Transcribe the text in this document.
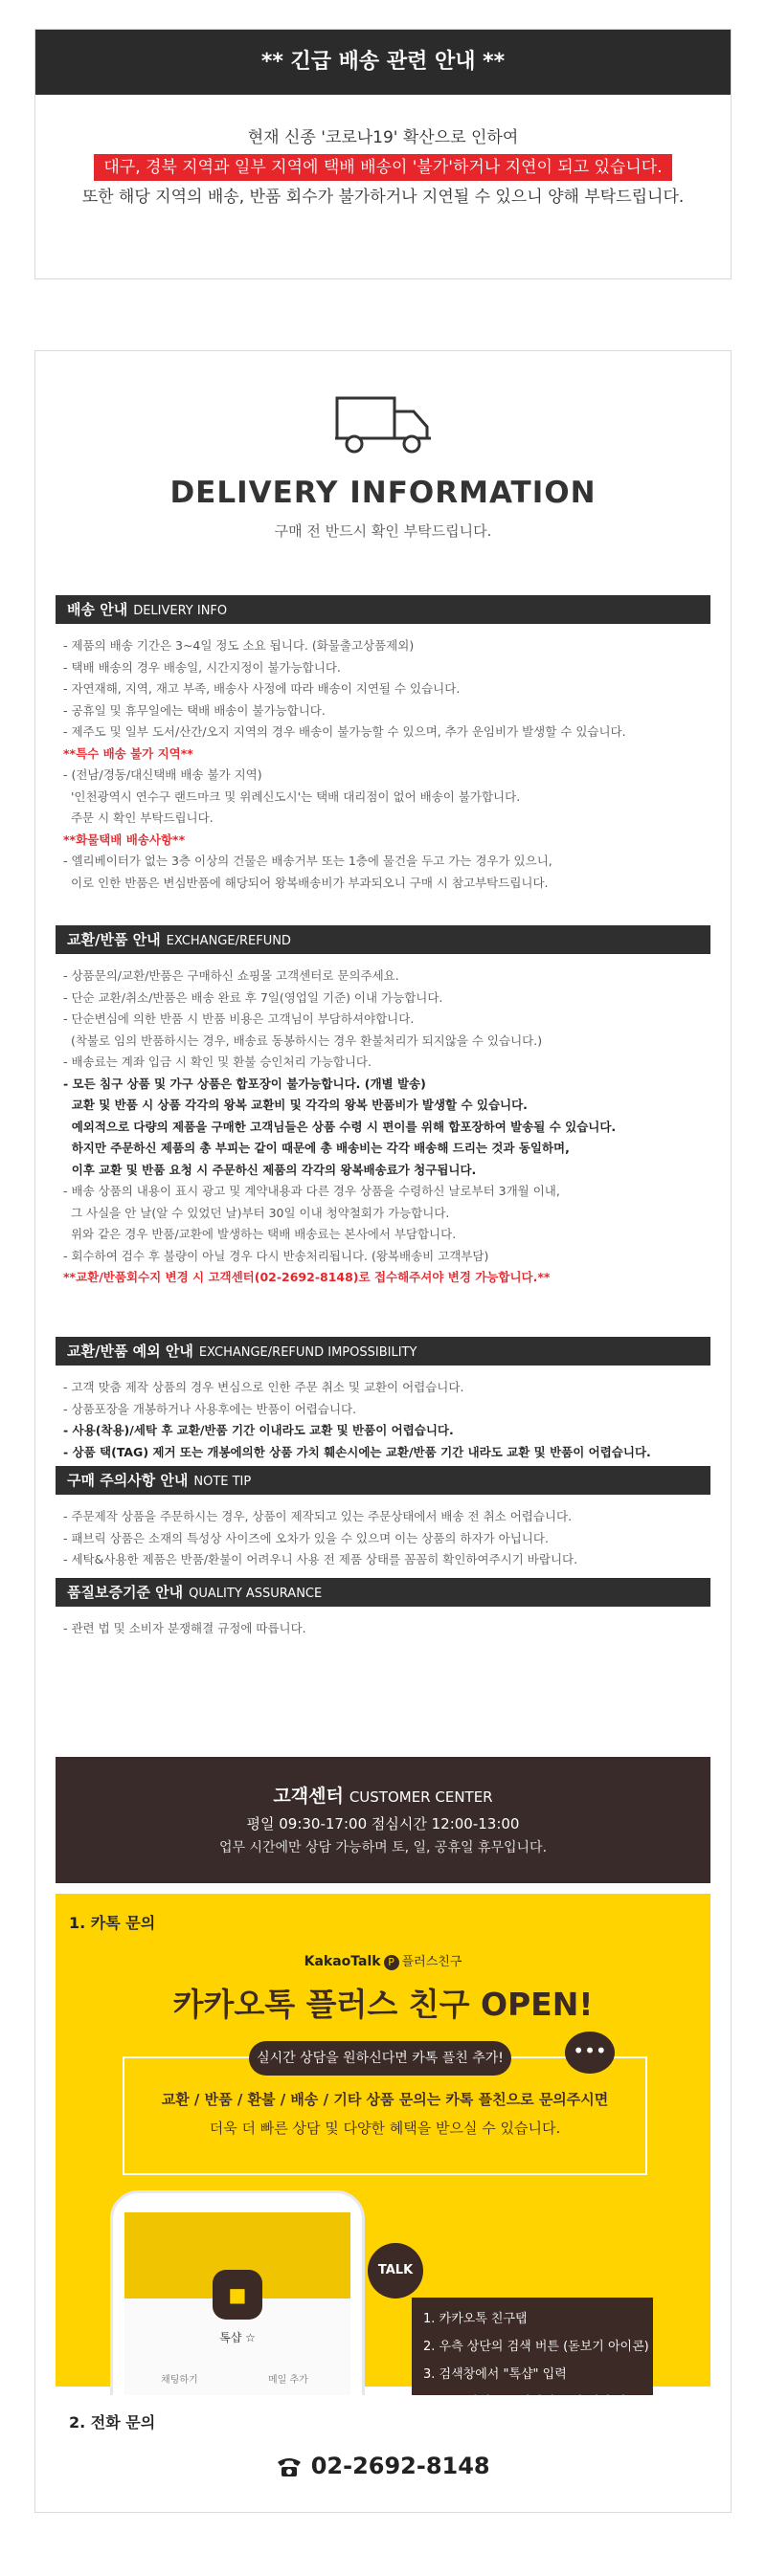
** 긴급 배송 관련 안내 **
현재 신종 '코로나19' 확산으로 인하여
대구, 경북 지역과 일부 지역에 택배 배송이 '불가'하거나 지연이 되고 있습니다.
또한 해당 지역의 배송, 반품 회수가 불가하거나 지연될 수 있으니 양해 부탁드립니다.
DELIVERY INFORMATION
구매 전 반드시 확인 부탁드립니다.
배송 안내 DELIVERY INFO
- 제품의 배송 기간은 3~4일 정도 소요 됩니다. (화물출고상품제외)
- 택배 배송의 경우 배송일, 시간지정이 불가능합니다.
- 자연재해, 지역, 재고 부족, 배송사 사정에 따라 배송이 지연될 수 있습니다.
- 공휴일 및 휴무일에는 택배 배송이 불가능합니다.
- 제주도 및 일부 도서/산간/오지 지역의 경우 배송이 불가능할 수 있으며, 추가 운임비가 발생할 수 있습니다.
**특수 배송 불가 지역**
- (전남/경동/대신택배 배송 불가 지역)
'인천광역시 연수구 랜드마크 및 위례신도시'는 택배 대리점이 없어 배송이 불가합니다.
주문 시 확인 부탁드립니다.
**화물택배 배송사항**
- 엘리베이터가 없는 3층 이상의 건물은 배송거부 또는 1층에 물건을 두고 가는 경우가 있으니,
이로 인한 반품은 변심반품에 해당되어 왕복배송비가 부과되오니 구매 시 참고부탁드립니다.
교환/반품 안내 EXCHANGE/REFUND
- 상품문의/교환/반품은 구매하신 쇼핑몰 고객센터로 문의주세요.
- 단순 교환/취소/반품은 배송 완료 후 7일(영업일 기준) 이내 가능합니다.
- 단순변심에 의한 반품 시 반품 비용은 고객님이 부담하셔야합니다.
(착불로 임의 반품하시는 경우, 배송료 동봉하시는 경우 환불처리가 되지않을 수 있습니다.)
- 배송료는 계좌 입금 시 확인 및 환불 승인처리 가능합니다.
- 모든 침구 상품 및 가구 상품은 합포장이 불가능합니다. (개별 발송)
교환 및 반품 시 상품 각각의 왕복 교환비 및 각각의 왕복 반품비가 발생할 수 있습니다.
예외적으로 다량의 제품을 구매한 고객님들은 상품 수령 시 편이를 위해 합포장하여 발송될 수 있습니다.
하지만 주문하신 제품의 총 부피는 같이 때문에 총 배송비는 각각 배송해 드리는 것과 동일하며,
이후 교환 및 반품 요청 시 주문하신 제품의 각각의 왕복배송료가 청구됩니다.
- 배송 상품의 내용이 표시 광고 및 계약내용과 다른 경우 상품을 수령하신 날로부터 3개월 이내,
그 사실을 안 날(알 수 있었던 날)부터 30일 이내 청약철회가 가능합니다.
위와 같은 경우 반품/교환에 발생하는 택배 배송료는 본사에서 부담합니다.
- 회수하여 검수 후 불량이 아닐 경우 다시 반송처리됩니다. (왕복배송비 고객부담)
**교환/반품회수지 변경 시 고객센터(02-2692-8148)로 접수해주셔야 변경 가능합니다.**
교환/반품 예외 안내 EXCHANGE/REFUND IMPOSSIBILITY
- 고객 맞춤 제작 상품의 경우 변심으로 인한 주문 취소 및 교환이 어렵습니다.
- 상품포장을 개봉하거나 사용후에는 반품이 어렵습니다.
- 사용(착용)/세탁 후 교환/반품 기간 이내라도 교환 및 반품이 어렵습니다.
- 상품 택(TAG) 제거 또는 개봉에의한 상품 가치 훼손시에는 교환/반품 기간 내라도 교환 및 반품이 어렵습니다.
구매 주의사항 안내 NOTE TIP
- 주문제작 상품을 주문하시는 경우, 상품이 제작되고 있는 주문상태에서 배송 전 취소 어렵습니다.
- 패브릭 상품은 소재의 특성상 사이즈에 오차가 있을 수 있으며 이는 상품의 하자가 아닙니다.
- 세탁&사용한 제품은 반품/환불이 어려우니 사용 전 제품 상태를 꼼꼼히 확인하여주시기 바랍니다.
품질보증기준 안내 QUALITY ASSURANCE
- 관련 법 및 소비자 분쟁해결 규정에 따릅니다.
고객센터 CUSTOMER CENTER
평일 09:30-17:00 점심시간 12:00-13:00
업무 시간에만 상담 가능하며 토, 일, 공휴일 휴무입니다.
1. 카톡 문의
KakaoTalk P 플러스친구
카카오톡 플러스 친구 OPEN!
실시간 상담을 원하신다면 카톡 플친 추가!	•••
교환 / 반품 / 환불 / 배송 / 기타 상품 문의는 카톡 플친으로 문의주시면
더욱 더 빠른 상담 및 다양한 혜택을 받으실 수 있습니다.
■
톡샵 ☆
채팅하기	메일 추가
TALK
1. 카카오톡 친구탭
2. 우측 상단의 검색 버튼 (돋보기 아이콘)
3. 검색창에서 "톡샵" 입력
2. 전화 문의
02-2692-8148
